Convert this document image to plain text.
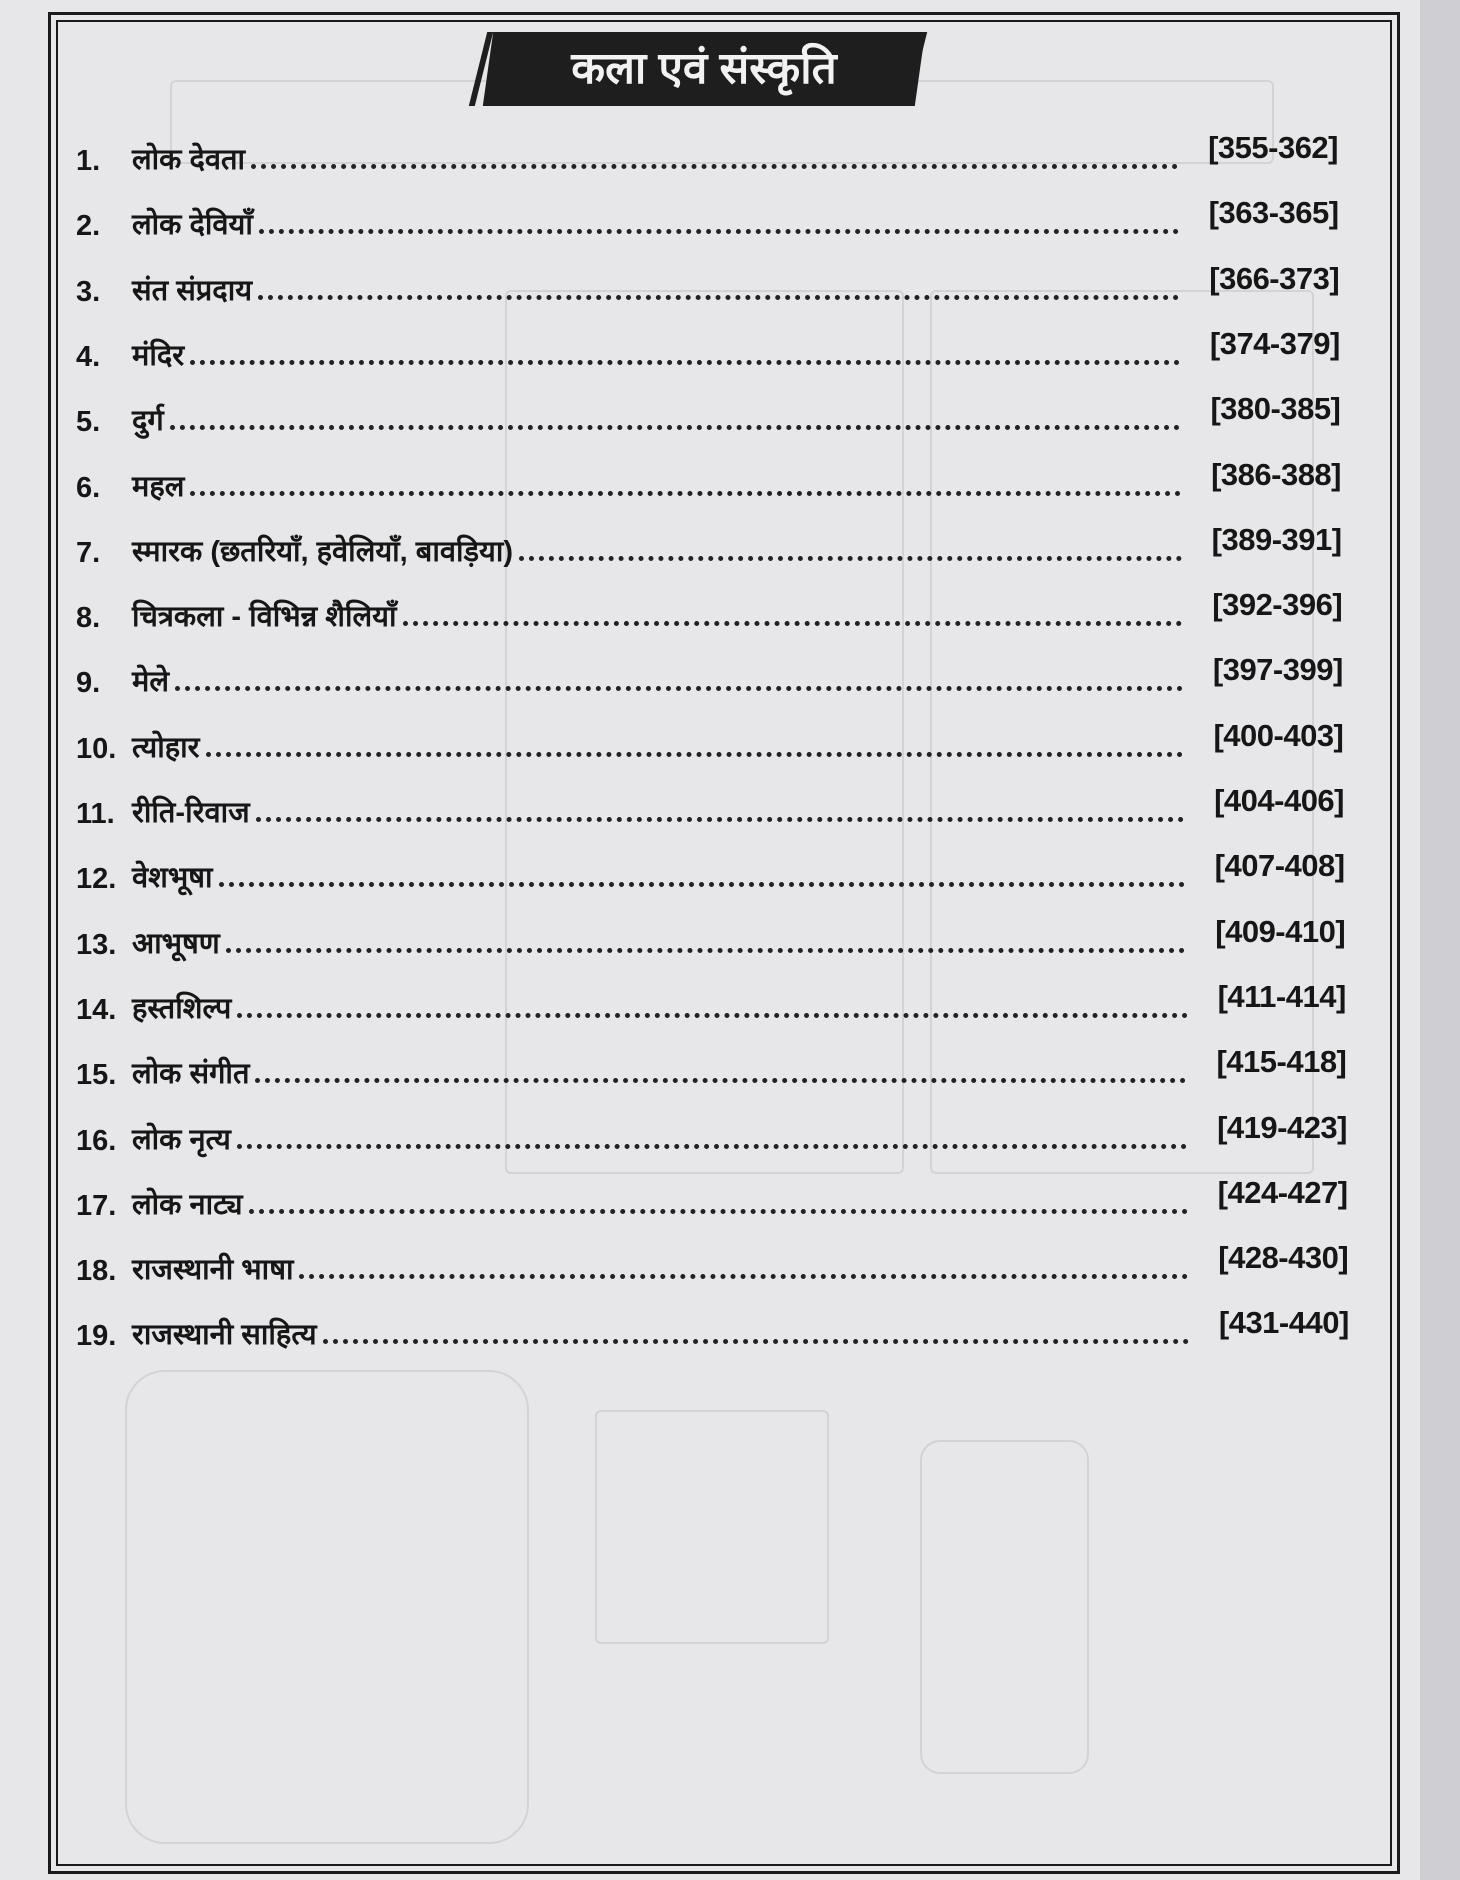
कला एवं संस्कृति
1.	लोक देवता	[355-362]
2.	लोक देवियाँ	[363-365]
3.	संत संप्रदाय	[366-373]
4.	मंदिर	[374-379]
5.	दुर्ग	[380-385]
6.	महल	[386-388]
7.	स्मारक (छतरियाँ, हवेलियाँ, बावड़िया)	[389-391]
8.	चित्रकला - विभिन्न शैलियाँ	[392-396]
9.	मेले	[397-399]
10. त्योहार	[400-403]
11. रीति-रिवाज	[404-406]
12. वेशभूषा	[407-408]
13. आभूषण	[409-410]
14. हस्तशिल्प	[411-414]
15. लोक संगीत	[415-418]
16. लोक नृत्य	[419-423]
17. लोक नाट्य	[424-427]
18. राजस्थानी भाषा	[428-430]
19. राजस्थानी साहित्य	[431-440]
